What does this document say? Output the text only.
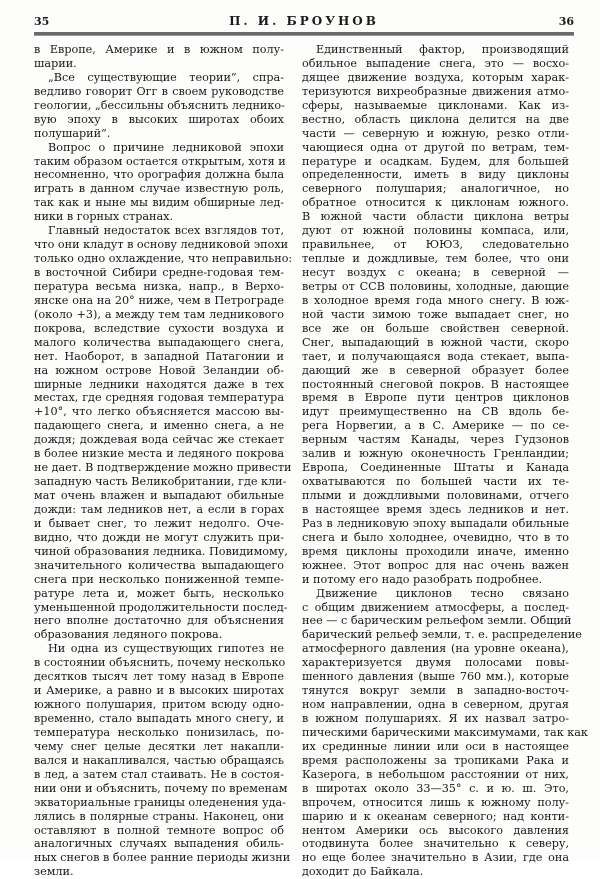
35	П. И. БРОУНОВ	36
в Европе, Америке и в южном полу-
шарии.
„Все существующие теории“, спра-
ведливо говорит Огг в своем руководстве
геологии, „бессильны объяснить леднико-
вую эпоху в высоких широтах обоих
полушарий“.
Вопрос о причине ледниковой эпохи
таким образом остается открытым, хотя и
несомненно, что орография должна была
играть в данном случае известную роль,
так как и ныне мы видим обширные лед-
ники в горных странах.
Главный недостаток всех взглядов тот,
что они кладут в основу ледниковой эпохи
только одно охлаждение, что неправильно:
в восточной Сибири средне-годовая тем-
пература весьма низка, напр., в Верхо-
янске она на 20° ниже, чем в Петрограде
(около +3), а между тем там ледникового
покрова, вследствие сухости воздуха и
малого количества выпадающего снега,
нет. Наоборот, в западной Патагонии и
на южном острове Новой Зеландии об-
ширные ледники находятся даже в тех
местах, где средняя годовая температура
+10°, что легко объясняется массою вы-
падающего снега, и именно снега, а не
дождя; дождевая вода сейчас же стекает
в более низкие места и ледяного покрова
не дает. В подтверждение можно привести
западную часть Великобритании, где кли-
мат очень влажен и выпадают обильные
дожди: там ледников нет, а если в горах
и бывает снег, то лежит недолго. Оче-
видно, что дожди не могут служить при-
чиной образования ледника. Повидимому,
значительного количества выпадающего
снега при несколько пониженной темпе-
ратуре лета и, может быть, несколько
уменьшенной продолжительности послед-
него вполне достаточно для объяснения
образования ледяного покрова.
Ни одна из существующих гипотез не
в состоянии объяснить, почему несколько
десятков тысяч лет тому назад в Европе
и Америке, а равно и в высоких широтах
южного полушария, притом всюду одно-
временно, стало выпадать много снегу, и
температура несколько понизилась, по-
чему снег целые десятки лет накапли-
вался и накапливался, частью обращаясь
в лед, а затем стал стаивать. Не в состоя-
нии они и объяснить, почему по временам
экваториальные границы оледенения уда-
лялись в полярные страны. Наконец, они
оставляют в полной темноте вопрос об
аналогичных случаях выпадения обиль-
ных снегов в более ранние периоды жизни
земли.
Единственный фактор, производящий
обильное выпадение снега, это — восхо-
дящее движение воздуха, которым харак-
теризуются вихреобразные движения атмо-
сферы, называемые циклонами. Как из-
вестно, область циклона делится на две
части — северную и южную, резко отли-
чающиеся одна от другой по ветрам, тем-
пературе и осадкам. Будем, для большей
определенности, иметь в виду циклоны
северного полушария; аналогичное, но
обратное относится к циклонам южного.
В южной части области циклона ветры
дуют от южной половины компаса, или,
правильнее, от ЮЮЗ, следовательно
теплые и дождливые, тем более, что они
несут воздух с океана; в северной —
ветры от ССВ половины, холодные, дающие
в холодное время года много снегу. В юж-
ной части зимою тоже выпадает снег, но
все же он больше свойствен северной.
Снег, выпадающий в южной части, скоро
тает, и получающаяся вода стекает, выпа-
дающий же в северной образует более
постоянный снеговой покров. В настоящее
время в Европе пути центров циклонов
идут преимущественно на СВ вдоль бе-
рега Норвегии, а в С. Америке — по се-
верным частям Канады, через Гудзонов
залив и южную оконечность Гренландии;
Европа, Соединенные Штаты и Канада
охватываются по большей части их те-
плыми и дождливыми половинами, отчего
в настоящее время здесь ледников и нет.
Раз в ледниковую эпоху выпадали обильные
снега и было холоднее, очевидно, что в то
время циклоны проходили иначе, именно
южнее. Этот вопрос для нас очень важен
и потому его надо разобрать подробнее.
Движение циклонов тесно связано
с общим движением атмосферы, а послед-
нее — с барическим рельефом земли. Общий
барический рельеф земли, т. е. распределение
атмосферного давления (на уровне океана),
характеризуется двумя полосами повы-
шенного давления (выше 760 мм.), которые
тянутся вокруг земли в западно-восточ-
ном направлении, одна в северном, другая
в южном полушариях. Я их назвал затро-
пическими барическими максимумами, так как
их срединные линии или оси в настоящее
время расположены за тропиками Рака и
Казерога, в небольшом расстоянии от них,
в широтах около 33—35° с. и ю. ш. Это,
впрочем, относится лишь к южному полу-
шарию и к океанам северного; над конти-
нентом Америки ось высокого давления
отодвинута более значительно к северу,
но еще более значительно в Азии, где она
доходит до Байкала.
